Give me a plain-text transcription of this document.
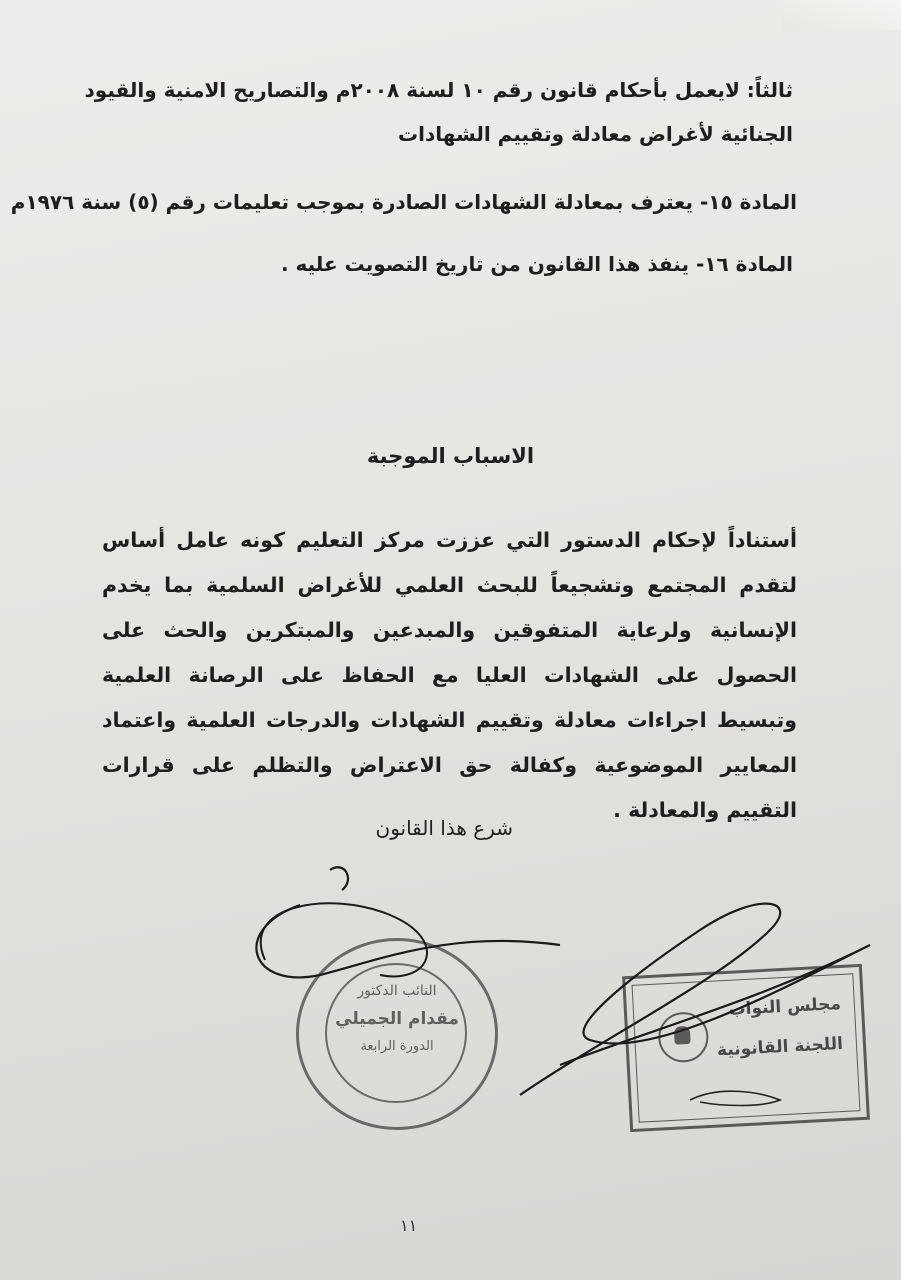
ثالثاً: لايعمل بأحكام قانون رقم ١٠ لسنة ٢٠٠٨م والتصاريح الامنية والقيود
الجنائية لأغراض معادلة وتقييم الشهادات
المادة ١٥- يعترف بمعادلة الشهادات الصادرة بموجب تعليمات رقم (٥) سنة ١٩٧٦م
المادة ١٦- ينفذ هذا القانون من تاريخ التصويت عليه .
الاسباب الموجبة
أستناداً لإحكام الدستور التي عززت مركز التعليم كونه عامل أساس لتقدم المجتمع وتشجيعاً للبحث العلمي للأغراض السلمية بما يخدم الإنسانية ولرعاية المتفوقين والمبدعين والمبتكرين والحث على الحصول على الشهادات العليا مع الحفاظ على الرصانة العلمية وتبسيط اجراءات معادلة وتقييم الشهادات والدرجات العلمية واعتماد المعايير الموضوعية وكفالة حق الاعتراض والتظلم على قرارات التقييم والمعادلة .
شرع هذا القانون
النائب الدكتور
مقدام الجميلي
الدورة الرابعة
مجلس النواب
اللجنة القانونية
١١
